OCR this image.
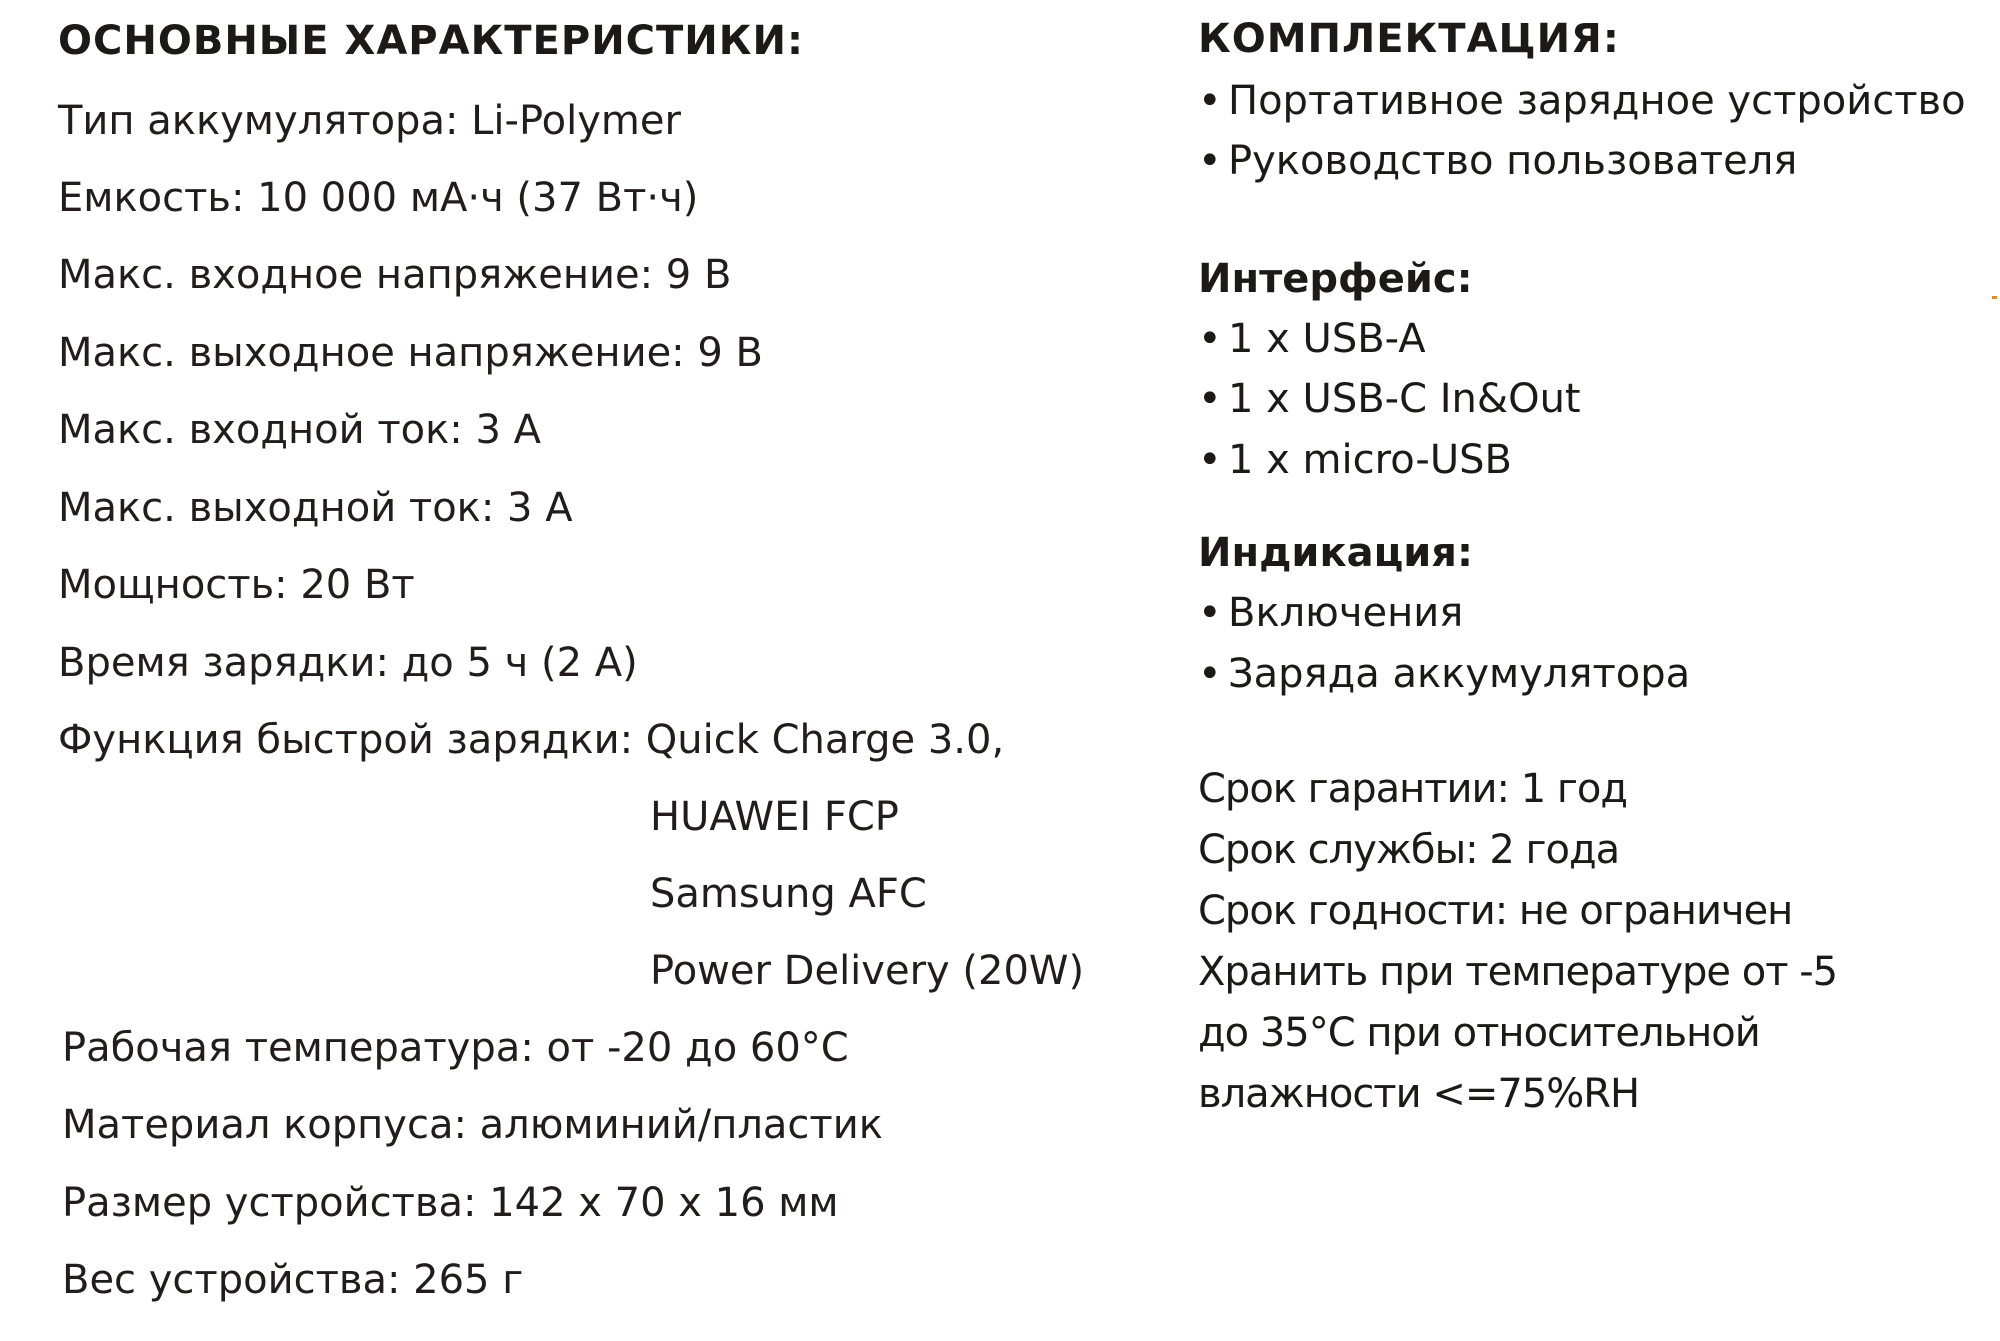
ОСНОВНЫЕ ХАРАКТЕРИСТИКИ:
Тип аккумулятора: Li-Polymer
Емкость: 10 000 мА·ч (37 Вт·ч)
Макс. входное напряжение: 9 В
Макс. выходное напряжение: 9 В
Макс. входной ток: 3 А
Макс. выходной ток: 3 А
Мощность: 20 Вт
Время зарядки: до 5 ч (2 А)
Функция быстрой зарядки: Quick Charge 3.0,
HUAWEI FCP
Samsung AFC
Power Delivery (20W)
Рабочая температура: от -20 до 60°С
Материал корпуса: алюминий/пластик
Размер устройства: 142 x 70 x 16 мм
Вес устройства: 265 г
КОМПЛЕКТАЦИЯ:
• Портативное зарядное устройство
• Руководство пользователя
Интерфейс:
• 1 x USB-A
• 1 x USB-C In&Out
• 1 x micro-USB
Индикация:
• Включения
• Заряда аккумулятора
Срок гарантии: 1 год
Срок службы: 2 года
Срок годности: не ограничен
Хранить при температуре от -5
до 35°С при относительной
влажности <=75%RH
